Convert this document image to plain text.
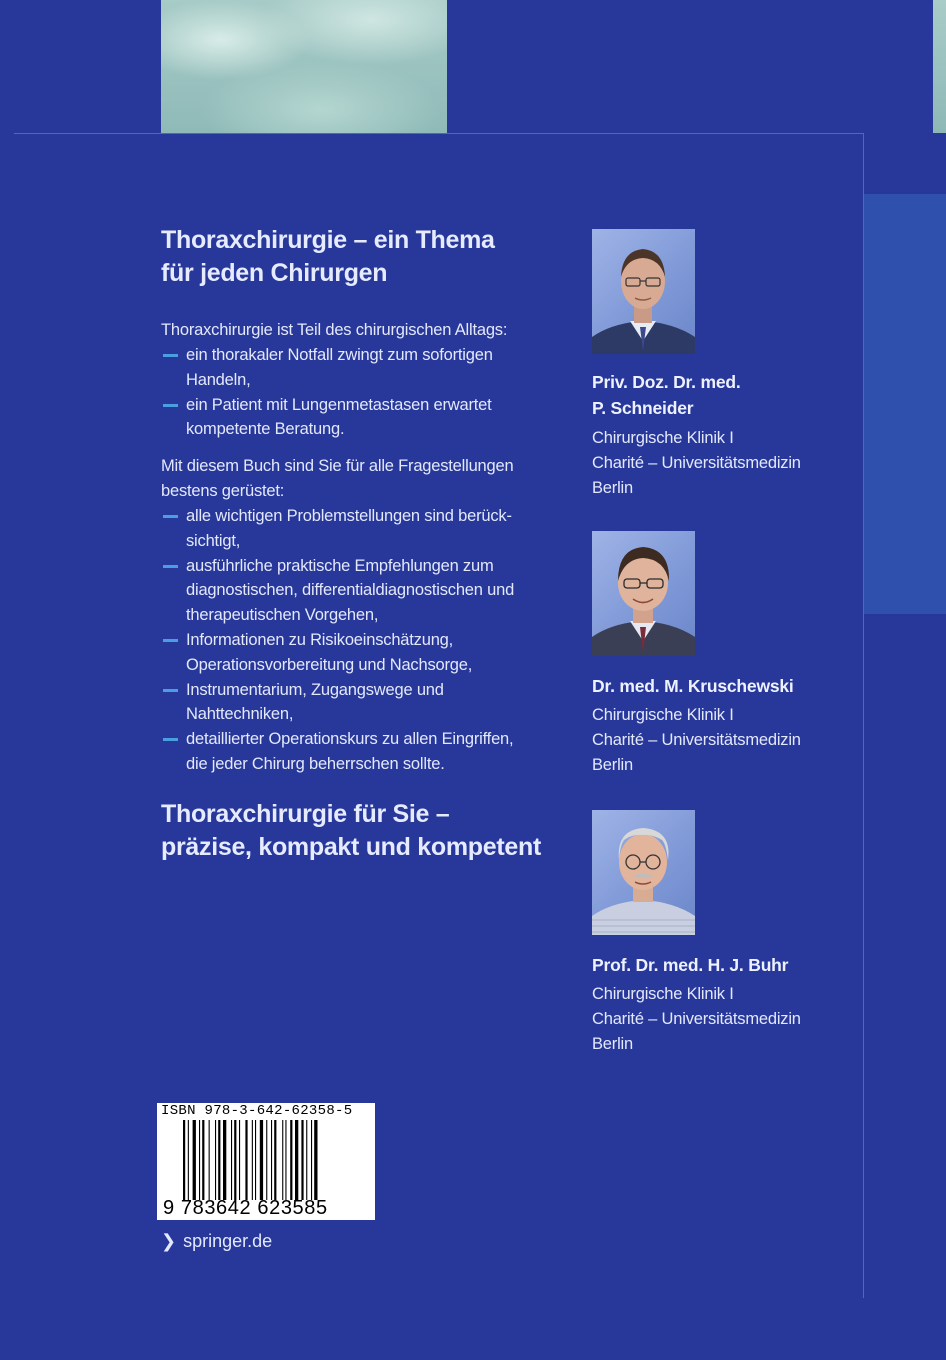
Thoraxchirurgie – ein Thema
für jeden Chirurgen

Thoraxchirurgie ist Teil des chirurgischen Alltags:

ein thorakaler Notfall zwingt zum sofortigen
Handeln,
ein Patient mit Lungenmetastasen erwartet
kompetente Beratung.

Mit diesem Buch sind Sie für alle Fragestellungen
bestens gerüstet:

alle wichtigen Problemstellungen sind berück-
sichtigt,
ausführliche praktische Empfehlungen zum
diagnostischen, differentialdiagnostischen und
therapeutischen Vorgehen,
Informationen zu Risikoeinschätzung,
Operationsvorbereitung und Nachsorge,
Instrumentarium, Zugangswege und
Nahttechniken,
detaillierter Operationskurs zu allen Eingriffen,
die jeder Chirurg beherrschen sollte.
Thoraxchirurgie für Sie –
präzise, kompakt und kompetent
Priv. Doz. Dr. med.
P. Schneider
Chirurgische Klinik I
Charité – Universitätsmedizin
Berlin
Dr. med. M. Kruschewski
Chirurgische Klinik I
Charité – Universitätsmedizin
Berlin
Prof. Dr. med. H. J. Buhr
Chirurgische Klinik I
Charité – Universitätsmedizin
Berlin
ISBN 978-3-642-62358-5
9 783642 623585
❯ springer.de
